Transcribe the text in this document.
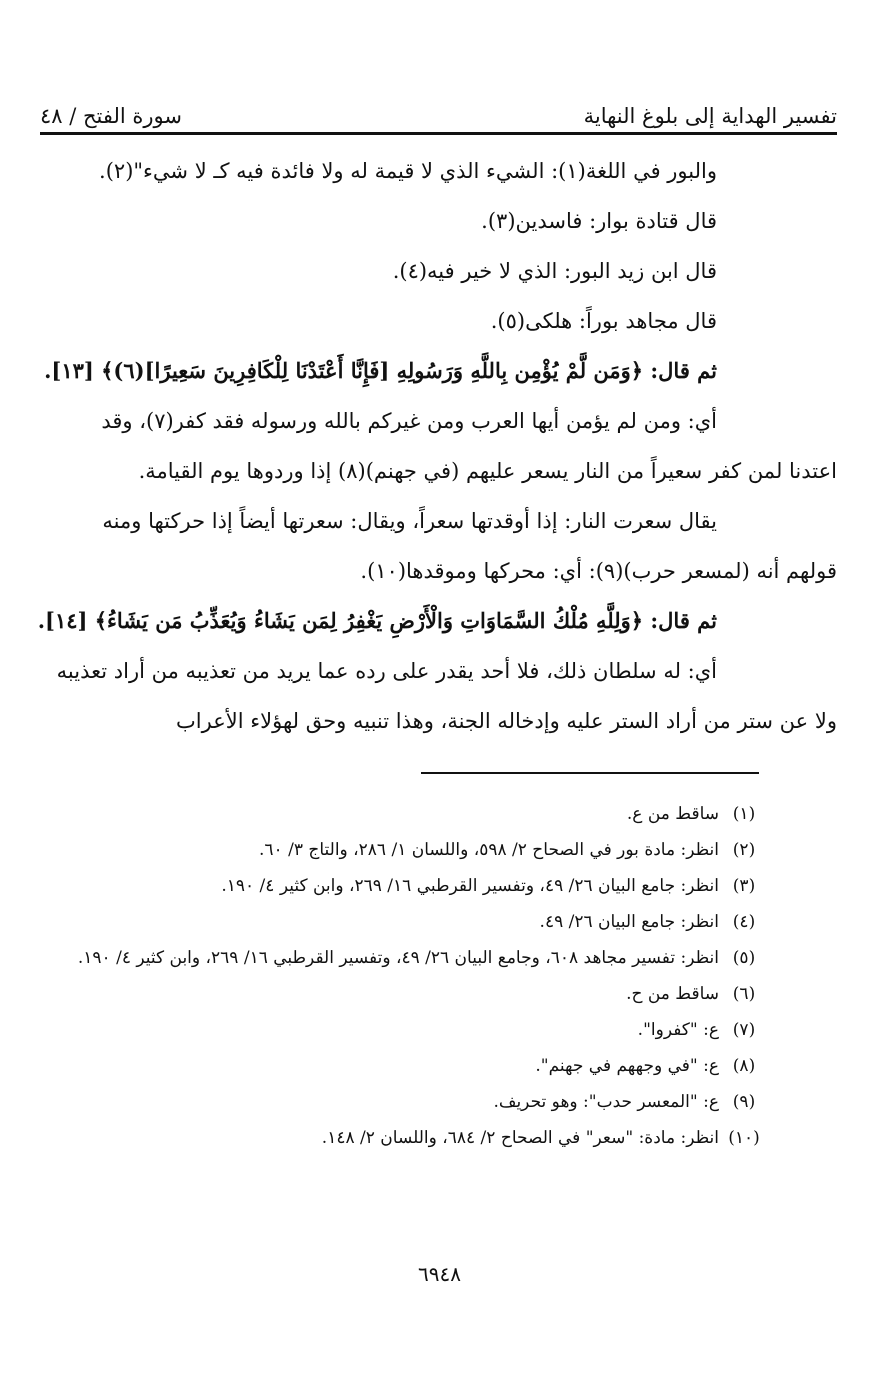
تفسير الهداية إلى بلوغ النهاية
سورة الفتح / ٤٨

والبور في اللغة(١): الشيء الذي لا قيمة له ولا فائدة فيه كـ لا شيء"(٢).

قال قتادة بوار: فاسدين(٣).

قال ابن زيد البور: الذي لا خير فيه(٤).

قال مجاهد بوراً: هلكى(٥).

ثم قال: ﴿وَمَن لَّمْ يُؤْمِن بِاللَّهِ وَرَسُولِهِ [فَإِنَّا أَعْتَدْنَا لِلْكَافِرِينَ سَعِيرًا](٦)﴾ [١٣].

أي: ومن لم يؤمن أيها العرب ومن غيركم بالله ورسوله فقد كفر(٧)، وقد

اعتدنا لمن كفر سعيراً من النار يسعر عليهم (في جهنم)(٨) إذا وردوها يوم القيامة.

يقال سعرت النار: إذا أوقدتها سعراً، ويقال: سعرتها أيضاً إذا حركتها ومنه

قولهم أنه (لمسعر حرب)(٩): أي: محركها وموقدها(١٠).

ثم قال: ﴿وَلِلَّهِ مُلْكُ السَّمَاوَاتِ وَالْأَرْضِ يَغْفِرُ لِمَن يَشَاءُ وَيُعَذِّبُ مَن يَشَاءُ﴾ [١٤].

أي: له سلطان ذلك، فلا أحد يقدر على رده عما يريد من تعذيبه من أراد تعذيبه

ولا عن ستر من أراد الستر عليه وإدخاله الجنة، وهذا تنبيه وحق لهؤلاء الأعراب

(١)
ساقط من ع.
(٢)
انظر: مادة بور في الصحاح ٢/ ٥٩٨، واللسان ١/ ٢٨٦، والتاج ٣/ ٦٠.
(٣)
انظر: جامع البيان ٢٦/ ٤٩، وتفسير القرطبي ١٦/ ٢٦٩، وابن كثير ٤/ ١٩٠.
(٤)
انظر: جامع البيان ٢٦/ ٤٩.
(٥)
انظر: تفسير مجاهد ٦٠٨، وجامع البيان ٢٦/ ٤٩، وتفسير القرطبي ١٦/ ٢٦٩، وابن كثير ٤/ ١٩٠.
(٦)
ساقط من ح.
(٧)
ع: "كفروا".
(٨)
ع: "في وجههم في جهنم".
(٩)
ع: "المعسر حدب": وهو تحريف.
(١٠)
انظر: مادة: "سعر" في الصحاح ٢/ ٦٨٤، واللسان ٢/ ١٤٨.
٦٩٤٨
